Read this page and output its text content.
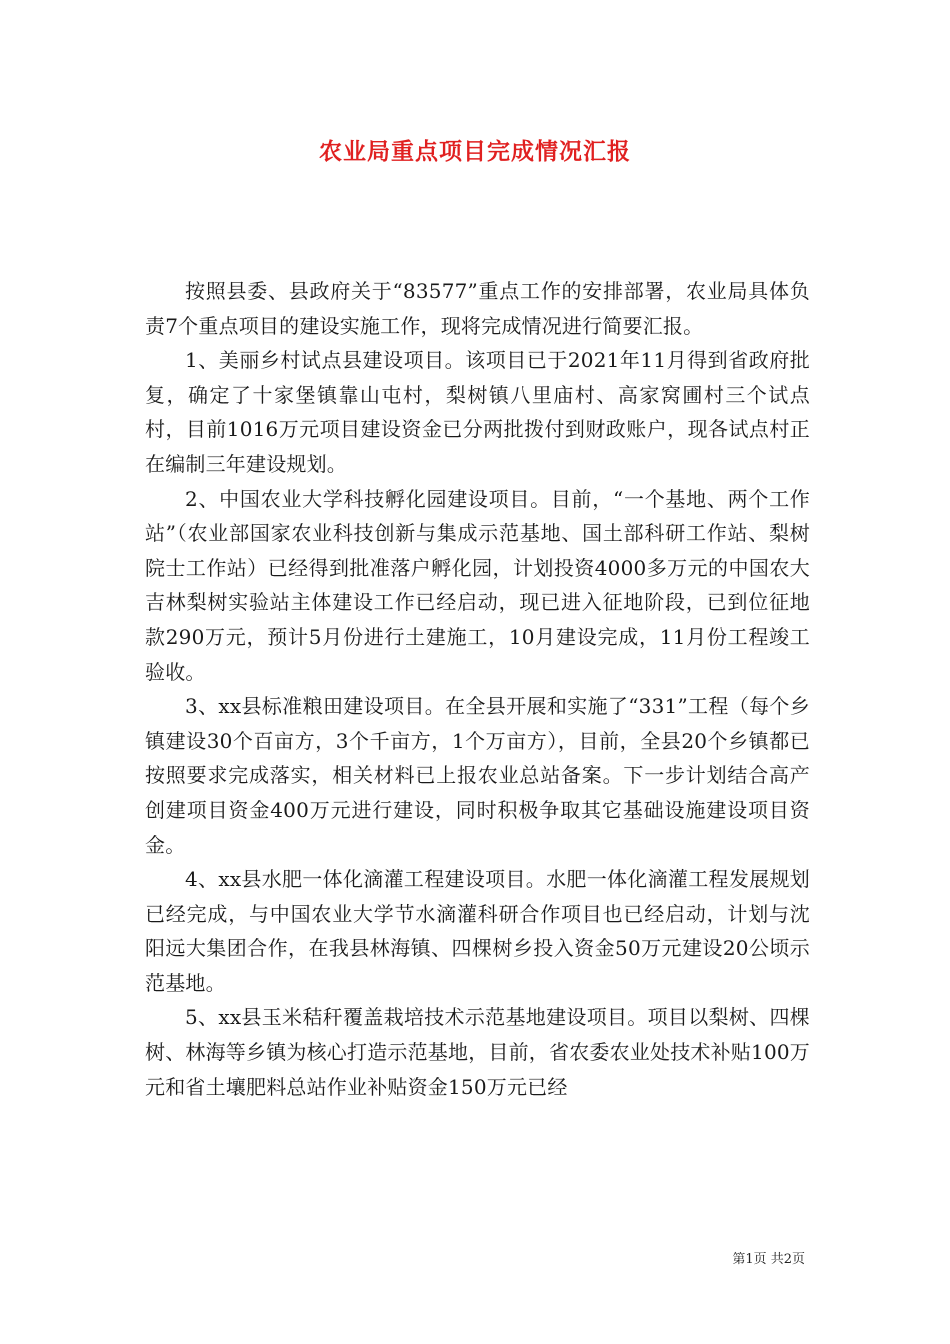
农业局重点项目完成情况汇报

按照县委、县政府关于“83577”重点工作的安排部署，农业局具体负责7个重点项目的建设实施工作，现将完成情况进行简要汇报。

1、美丽乡村试点县建设项目。该项目已于2021年11月得到省政府批复，确定了十家堡镇靠山屯村，梨树镇八里庙村、高家窝圃村三个试点村，目前1016万元项目建设资金已分两批拨付到财政账户，现各试点村正在编制三年建设规划。

2、中国农业大学科技孵化园建设项目。目前，“一个基地、两个工作站”（农业部国家农业科技创新与集成示范基地、国土部科研工作站、梨树院士工作站）已经得到批准落户孵化园，计划投资4000多万元的中国农大吉林梨树实验站主体建设工作已经启动，现已进入征地阶段，已到位征地款290万元，预计5月份进行土建施工，10月建设完成，11月份工程竣工验收。

3、xx县标准粮田建设项目。在全县开展和实施了“331”工程（每个乡镇建设30个百亩方，3个千亩方，1个万亩方），目前，全县20个乡镇都已按照要求完成落实，相关材料已上报农业总站备案。下一步计划结合高产创建项目资金400万元进行建设，同时积极争取其它基础设施建设项目资金。

4、xx县水肥一体化滴灌工程建设项目。水肥一体化滴灌工程发展规划已经完成，与中国农业大学节水滴灌科研合作项目也已经启动，计划与沈阳远大集团合作，在我县林海镇、四棵树乡投入资金50万元建设20公顷示范基地。

5、xx县玉米秸秆覆盖栽培技术示范基地建设项目。项目以梨树、四棵树、林海等乡镇为核心打造示范基地，目前，省农委农业处技术补贴100万元和省土壤肥料总站作业补贴资金150万元已经

第1页 共2页
